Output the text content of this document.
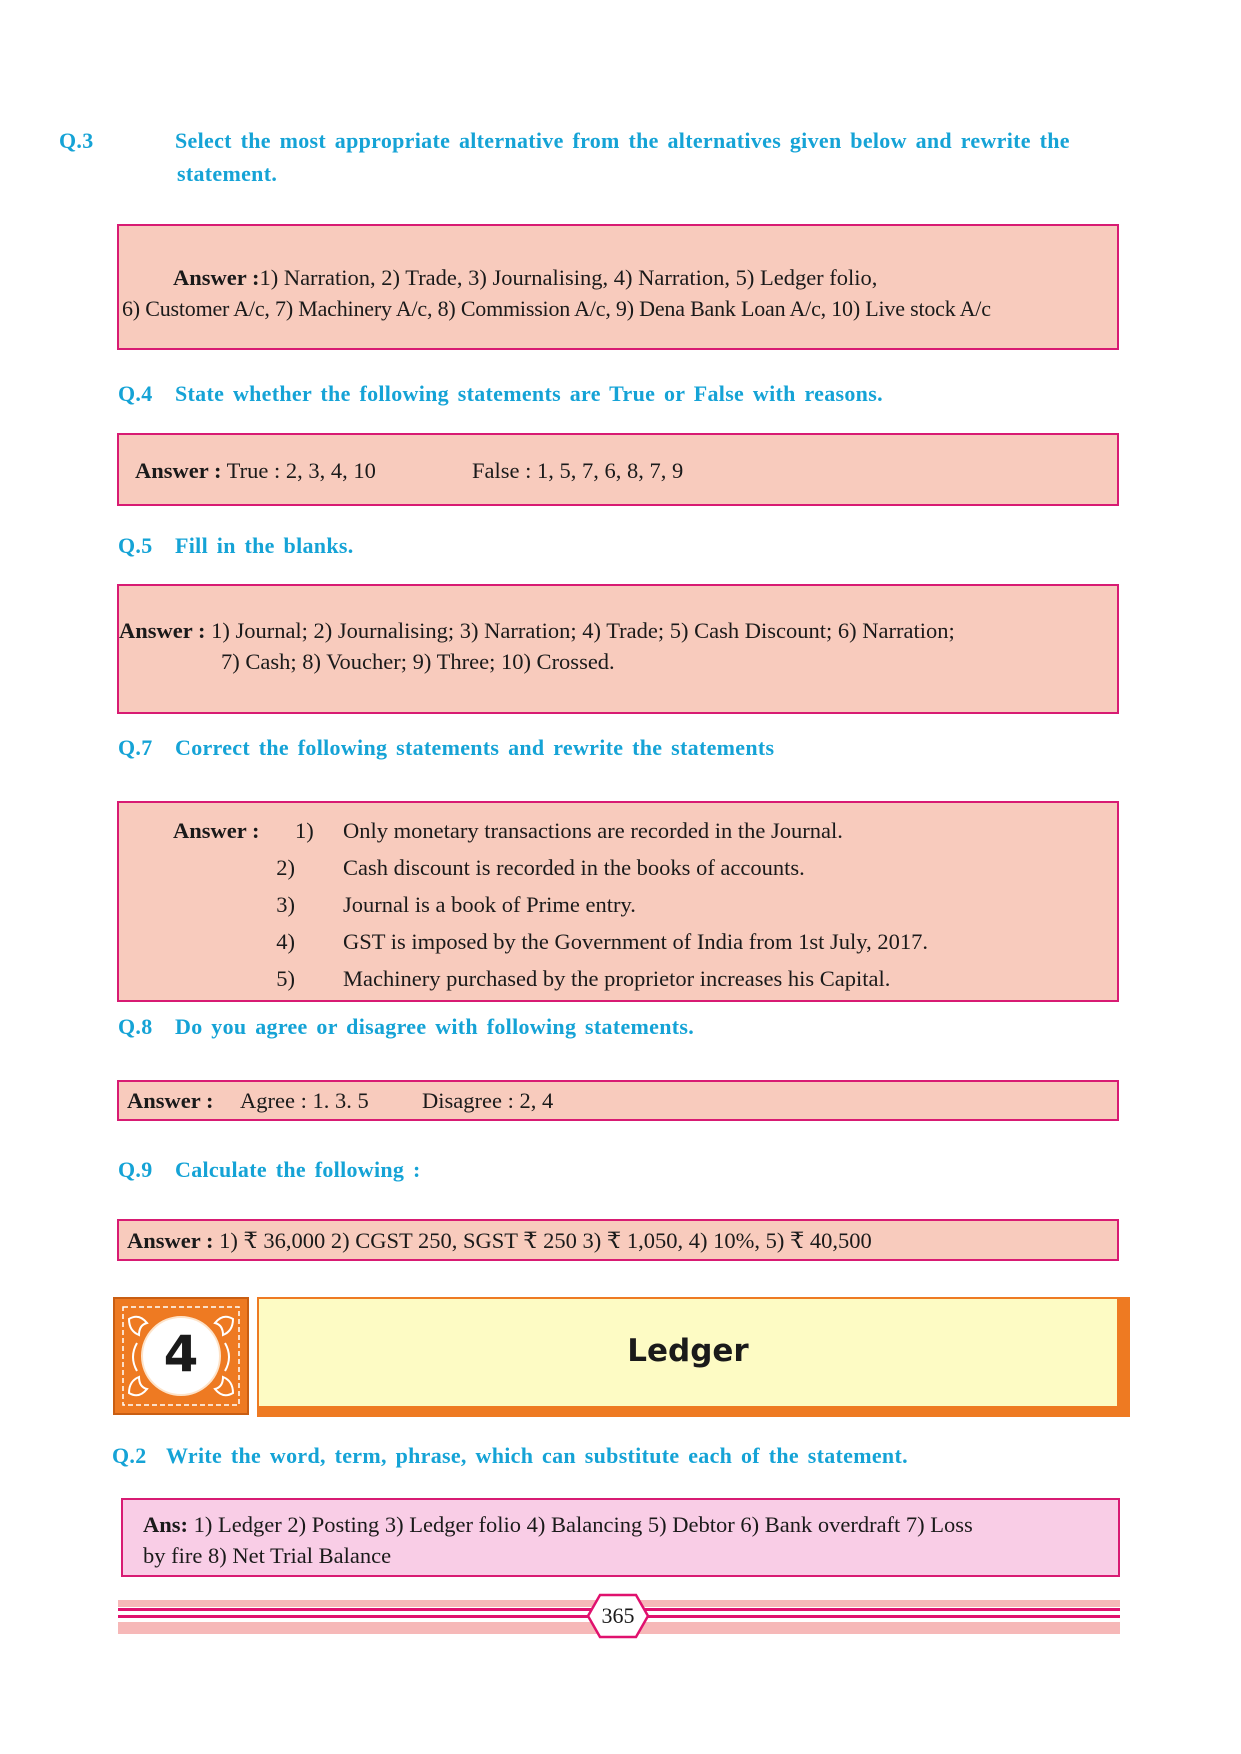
Q.3	Select the most appropriate alternative from the alternatives given below and rewrite the statement.
Answer :1) Narration, 2) Trade, 3) Journalising, 4) Narration, 5) Ledger folio,
6) Customer A/c, 7) Machinery A/c, 8) Commission A/c, 9) Dena Bank Loan A/c, 10) Live stock A/c
Q.4 State whether the following statements are True or False with reasons.
Answer : True : 2, 3, 4, 10	False : 1, 5, 7, 6, 8, 7, 9
Q.5 Fill in the blanks.
Answer : 1) Journal; 2) Journalising; 3) Narration; 4) Trade; 5) Cash Discount; 6) Narration;
7) Cash; 8) Voucher; 9) Three; 10) Crossed.
Q.7 Correct the following statements and rewrite the statements
Answer : 1) Only monetary transactions are recorded in the Journal.
2) Cash discount is recorded in the books of accounts.
3) Journal is a book of Prime entry.
4) GST is imposed by the Government of India from 1st July, 2017.
5) Machinery purchased by the proprietor increases his Capital.
Q.8 Do you agree or disagree with following statements.
Answer : Agree : 1. 3. 5 Disagree : 2, 4
Q.9 Calculate the following :
Answer : 1) ₹ 36,000 2) CGST 250, SGST ₹ 250 3) ₹ 1,050, 4) 10%, 5) ₹ 40,500
4	Ledger
Q.2 Write the word, term, phrase, which can substitute each of the statement.
Ans: 1) Ledger 2) Posting 3) Ledger folio 4) Balancing 5) Debtor 6) Bank overdraft 7) Loss
by fire 8) Net Trial Balance
365
